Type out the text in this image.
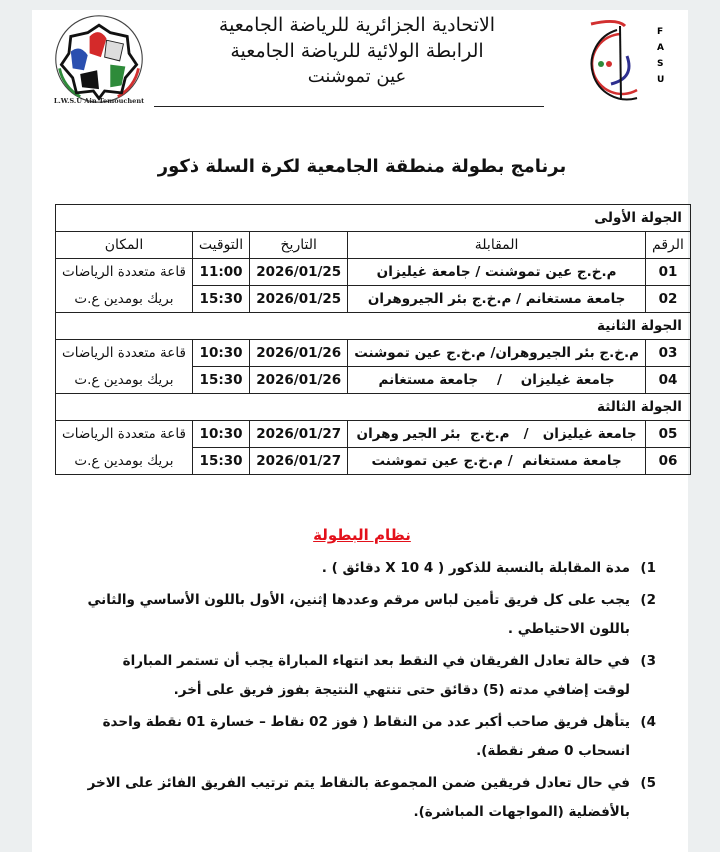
L.W.S.U Ain Temouchent
الاتحادية الجزائرية للرياضة الجامعية
الرابطة الولائية للرياضة الجامعية
عين تموشنت
F
A
S
U
برنامج بطولة منطقة الجامعية لكرة السلة ذكور
الجولة الأولى				
الرقم	المقابلة	التاريخ	التوقيت	المكان
01	م.خ.ج عين تموشنت / جامعة غيليزان	2026/01/25	11:00	قاعة متعددة الرياضات
02	جامعة مستغانم / م.خ.ج بئر الجيروهران	2026/01/25	15:30	بريك بومدين ع.ت
الجولة الثانية				
03	م.خ.ج بئر الجيروهران/ م.خ.ج عين تموشنت	2026/01/26	10:30	قاعة متعددة الرياضات
04	جامعة غيليزان    /    جامعة مستغانم	2026/01/26	15:30	بريك بومدين ع.ت
الجولة الثالثة				
05	جامعة غيليزان   /   م.خ.ج  بئر الجير وهران	2026/01/27	10:30	قاعة متعددة الرياضات
06	جامعة مستغانم  / م.خ.ج عين تموشنت	2026/01/27	15:30	بريك بومدين ع.ت
نظام البطولة
1)
مدة المقابلة بالنسبة للذكور ( 4 X 10 دقائق ) .
2)
يجب على كل فريق تأمين لباس مرقم وعددها إثنين، الأول باللون الأساسي والثاني باللون الاحتياطي .
3)
في حالة تعادل الفريقان في النقط بعد انتهاء المباراة يجب أن تستمر المباراة لوقت إضافي مدته (5) دقائق حتى تنتهي النتيجة بفوز فريق على أخر.
4)
يتأهل فريق صاحب أكبر عدد من النقاط ( فوز 02 نقاط – خسارة 01 نقطة واحدة انسحاب 0 صفر نقطة).
5)
في حال تعادل فريقين ضمن المجموعة بالنقاط يتم ترتيب الفريق الفائز على الاخر بالأفضلية (المواجهات المباشرة).
